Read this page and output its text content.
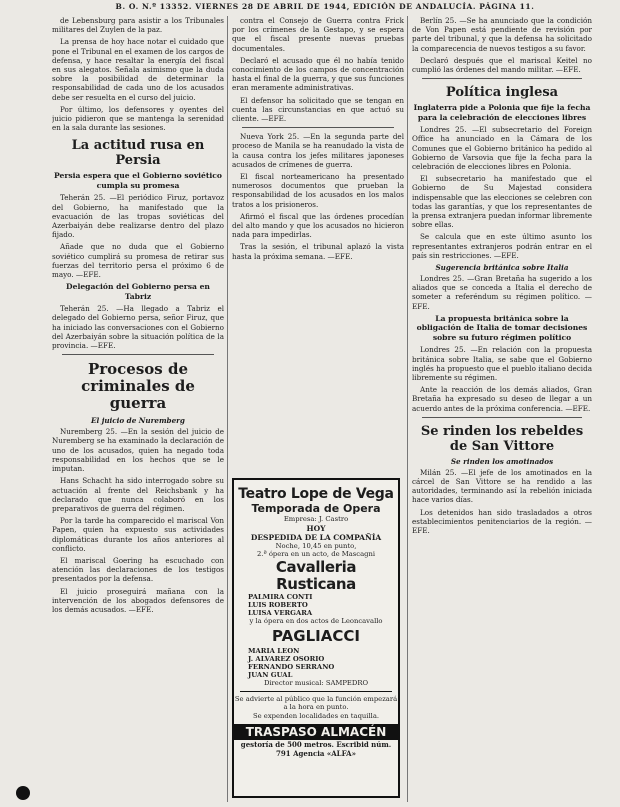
B. O. N.º 13352. VIERNES 28 DE ABRIL DE 1944, EDICIÓN DE ANDALUCÍA. PÁGINA 11.

de Lebensburg para asistir a los Tribunales militares del Zuylen de la paz.

La prensa de hoy hace notar el cuidado que pone el Tribunal en el examen de los cargos de defensa, y hace resaltar la energía del fiscal en sus alegatos. Señala asimismo que la duda sobre la posibilidad de determinar la responsabilidad de cada uno de los acusados debe ser resuelta en el curso del juicio.

Por último, los defensores y oyentes del juicio pidieron que se mantenga la serenidad en la sala durante las sesiones.

La actitud rusa en Persia
Persia espera que el Gobierno soviético cumpla su promesa

Teherán 25. —El periódico Firuz, portavoz del Gobierno, ha manifestado que la evacuación de las tropas soviéticas del Azerbaiyán debe realizarse dentro del plazo fijado.

Añade que no duda que el Gobierno soviético cumplirá su promesa de retirar sus fuerzas del territorio persa el próximo 6 de mayo. —EFE.

Delegación del Gobierno persa en Tabriz

Teherán 25. —Ha llegado a Tabriz el delegado del Gobierno persa, señor Firuz, que ha iniciado las conversaciones con el Gobierno del Azerbaiyán sobre la situación política de la provincia. —EFE.

Procesos de criminales de guerra
El juicio de Nuremberg

Nuremberg 25. —En la sesión del juicio de Nuremberg se ha examinado la declaración de uno de los acusados, quien ha negado toda responsabilidad en los hechos que se le imputan.

Hans Schacht ha sido interrogado sobre su actuación al frente del Reichsbank y ha declarado que nunca colaboró en los preparativos de guerra del régimen.

Por la tarde ha comparecido el mariscal Von Papen, quien ha expuesto sus actividades diplomáticas durante los años anteriores al conflicto.

El mariscal Goering ha escuchado con atención las declaraciones de los testigos presentados por la defensa.

El juicio proseguirá mañana con la intervención de los abogados defensores de los demás acusados. —EFE.

contra el Consejo de Guerra contra Frick por los crímenes de la Gestapo, y se espera que el fiscal presente nuevas pruebas documentales.

Declaró el acusado que él no había tenido conocimiento de los campos de concentración hasta el final de la guerra, y que sus funciones eran meramente administrativas.

El defensor ha solicitado que se tengan en cuenta las circunstancias en que actuó su cliente. —EFE.

Nueva York 25. —En la segunda parte del proceso de Manila se ha reanudado la vista de la causa contra los jefes militares japoneses acusados de crímenes de guerra.

El fiscal norteamericano ha presentado numerosos documentos que prueban la responsabilidad de los acusados en los malos tratos a los prisioneros.

Afirmó el fiscal que las órdenes procedían del alto mando y que los acusados no hicieron nada para impedirlas.

Tras la sesión, el tribunal aplazó la vista hasta la próxima semana. —EFE.

Teatro Lope de Vega
Temporada de Opera
Empresa: J. Castro
HOY
DESPEDIDA DE LA COMPAÑÍA
Noche, 10,45 en punto,
2.ª ópera en un acto, de Mascagni
Cavalleria Rusticana
PALMIRA CONTI
LUIS ROBERTO
LUISA VERGARA
y la ópera en dos actos de Leoncavallo
PAGLIACCI
MARIA LEON
J. ALVAREZ OSORIO
FERNANDO SERRANO
JUAN GUAL
Director musical: SAMPEDRO
Se advierte al público que la función empezará a la hora en punto.
Se expenden localidades en taquilla.
TRASPASO ALMACÉN
gestoría de 500 metros. Escribid núm. 791 Agencia «ALFA»

Berlín 25. —Se ha anunciado que la condición de Von Papen está pendiente de revisión por parte del tribunal, y que la defensa ha solicitado la comparecencia de nuevos testigos a su favor.

Declaró después que el mariscal Keitel no cumplió las órdenes del mando militar. —EFE.

Política inglesa
Inglaterra pide a Polonia que fije la fecha para la celebración de elecciones libres

Londres 25. —El subsecretario del Foreign Office ha anunciado en la Cámara de los Comunes que el Gobierno británico ha pedido al Gobierno de Varsovia que fije la fecha para la celebración de elecciones libres en Polonia.

El subsecretario ha manifestado que el Gobierno de Su Majestad considera indispensable que las elecciones se celebren con todas las garantías, y que los representantes de la prensa extranjera puedan informar libremente sobre ellas.

Se calcula que en este último asunto los representantes extranjeros podrán entrar en el país sin restricciones. —EFE.

Sugerencia británica sobre Italia

Londres 25. —Gran Bretaña ha sugerido a los aliados que se conceda a Italia el derecho de someter a referéndum su régimen político. —EFE.

La propuesta británica sobre la obligación de Italia de tomar decisiones sobre su futuro régimen político

Londres 25. —En relación con la propuesta británica sobre Italia, se sabe que el Gobierno inglés ha propuesto que el pueblo italiano decida libremente su régimen.

Ante la reacción de los demás aliados, Gran Bretaña ha expresado su deseo de llegar a un acuerdo antes de la próxima conferencia. —EFE.

Se rinden los rebeldes de San Vittore
Se rinden los amotinados

Milán 25. —El jefe de los amotinados en la cárcel de San Vittore se ha rendido a las autoridades, terminando así la rebelión iniciada hace varios días.

Los detenidos han sido trasladados a otros establecimientos penitenciarios de la región. —EFE.
